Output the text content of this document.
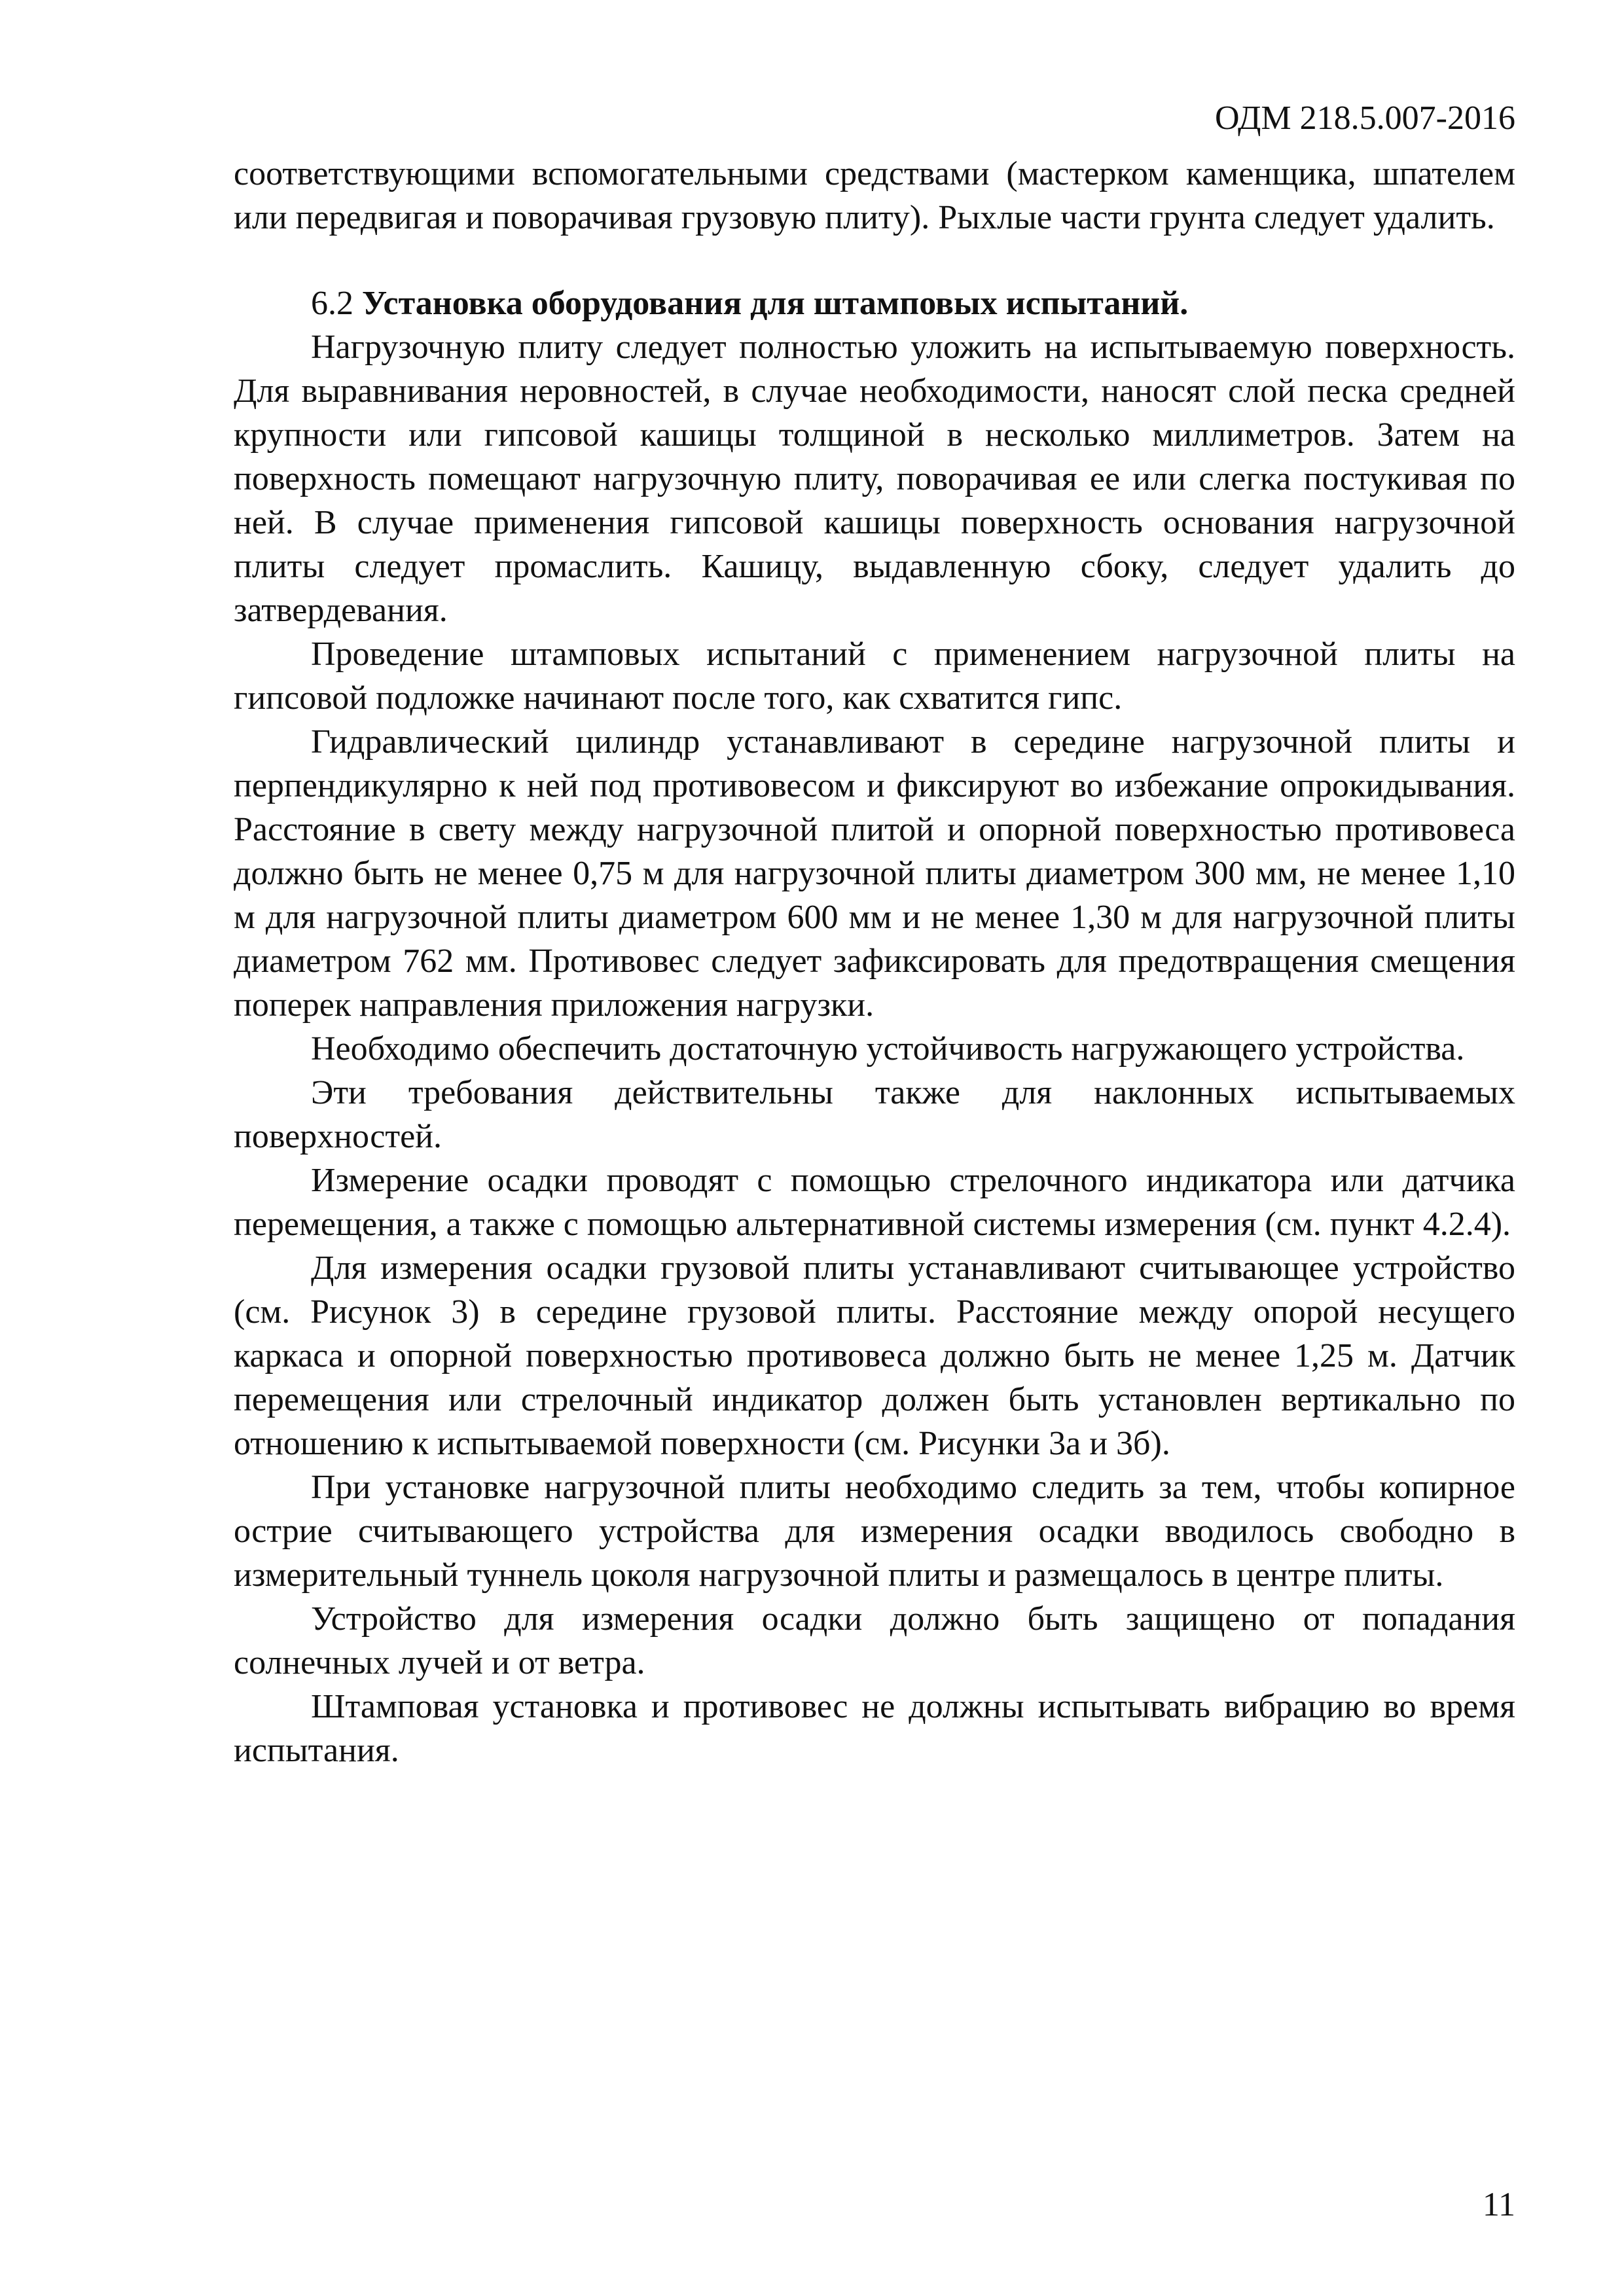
ОДМ 218.5.007-2016

соответствующими вспомогательными средствами (мастерком каменщика, шпателем или передвигая и поворачивая грузовую плиту). Рыхлые части грунта следует удалить.

6.2 Установка оборудования для штамповых испытаний.

Нагрузочную плиту следует полностью уложить на испытываемую поверхность. Для выравнивания неровностей, в случае необходимости, наносят слой песка средней крупности или гипсовой кашицы толщиной в несколько миллиметров. Затем на поверхность помещают нагрузочную плиту, поворачивая ее или слегка постукивая по ней. В случае применения гипсовой кашицы поверхность основания нагрузочной плиты следует промаслить. Кашицу, выдавленную сбоку, следует удалить до затвердевания.

Проведение штамповых испытаний с применением нагрузочной плиты на гипсовой подложке начинают после того, как схватится гипс.

Гидравлический цилиндр устанавливают в середине нагрузочной плиты и перпендикулярно к ней под противовесом и фиксируют во избежание опрокидывания. Расстояние в свету между нагрузочной плитой и опорной поверхностью противовеса должно быть не менее 0,75 м для нагрузочной плиты диаметром 300 мм, не менее 1,10 м для нагрузочной плиты диаметром 600 мм и не менее 1,30 м для нагрузочной плиты диаметром 762 мм. Противовес следует зафиксировать для предотвращения смещения поперек направления приложения нагрузки.

Необходимо обеспечить достаточную устойчивость нагружающего устройства.

Эти требования действительны также для наклонных испытываемых поверхностей.

Измерение осадки проводят с помощью стрелочного индикатора или датчика перемещения, а также с помощью альтернативной системы измерения (см. пункт 4.2.4).

Для измерения осадки грузовой плиты устанавливают считывающее устройство (см. Рисунок 3) в середине грузовой плиты. Расстояние между опорой несущего каркаса и опорной поверхностью противовеса должно быть не менее 1,25 м. Датчик перемещения или стрелочный индикатор должен быть установлен вертикально по отношению к испытываемой поверхности (см. Рисунки 3а и 3б).

При установке нагрузочной плиты необходимо следить за тем, чтобы копирное острие считывающего устройства для измерения осадки вводилось свободно в измерительный туннель цоколя нагрузочной плиты и размещалось в центре плиты.

Устройство для измерения осадки должно быть защищено от попадания солнечных лучей и от ветра.

Штамповая установка и противовес не должны испытывать вибрацию во время испытания.

11
